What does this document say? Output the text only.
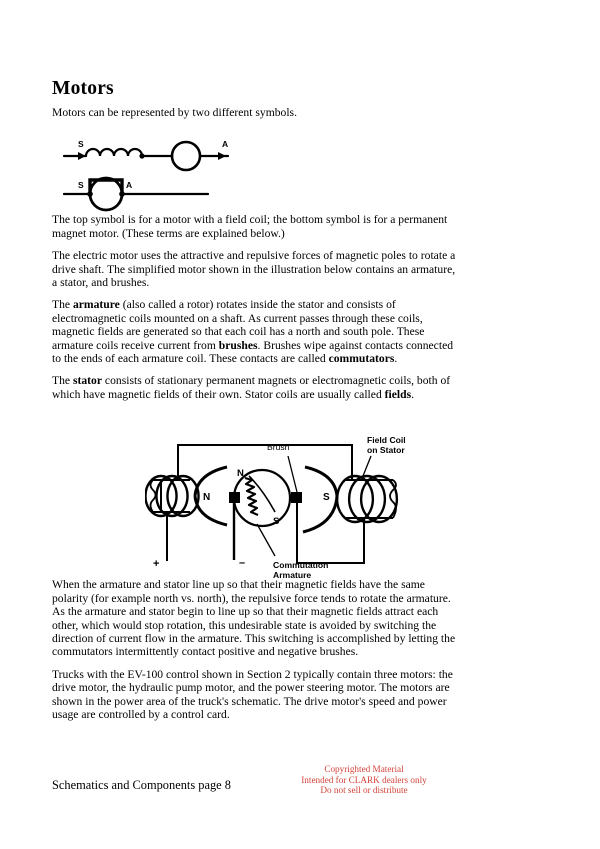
Motors

Motors can be represented by two different symbols.

The top symbol is for a motor with a field coil; the bottom symbol is for a permanent magnet motor. (These terms are explained below.)

The electric motor uses the attractive and repulsive forces of magnetic poles to rotate a drive shaft. The simplified motor shown in the illustration below contains an armature, a stator, and brushes.

The armature (also called a rotor) rotates inside the stator and consists of electromagnetic coils mounted on a shaft. As current passes through these coils, magnetic fields are generated so that each coil has a north and south pole. These armature coils receive current from brushes. Brushes wipe against contacts connected to the ends of each armature coil. These contacts are called commutators.

The stator consists of stationary permanent magnets or electromagnetic coils, both of which have magnetic fields of their own. Stator coils are usually called fields.

When the armature and stator line up so that their magnetic fields have the same polarity (for example north vs. north), the repulsive force tends to rotate the armature. As the armature and stator begin to line up so that their magnetic fields attract each other, which would stop rotation, this undesirable state is avoided by switching the direction of current flow in the armature. This switching is accomplished by letting the commutators intermittently contact positive and negative brushes.

Trucks with the EV-100 control shown in Section 2 typically contain three motors: the drive motor, the hydraulic pump motor, and the power steering motor. The motors are shown in the power area of the truck's schematic. The drive motor's speed and power usage are controlled by a control card.

S	A
S	A
+
N	S
N
S
–
Brush
Field Coil
on Stator
Commutation
Armature
Schematics and Components page 8
Copyrighted Material
Intended for CLARK dealers only
Do not sell or distribute
